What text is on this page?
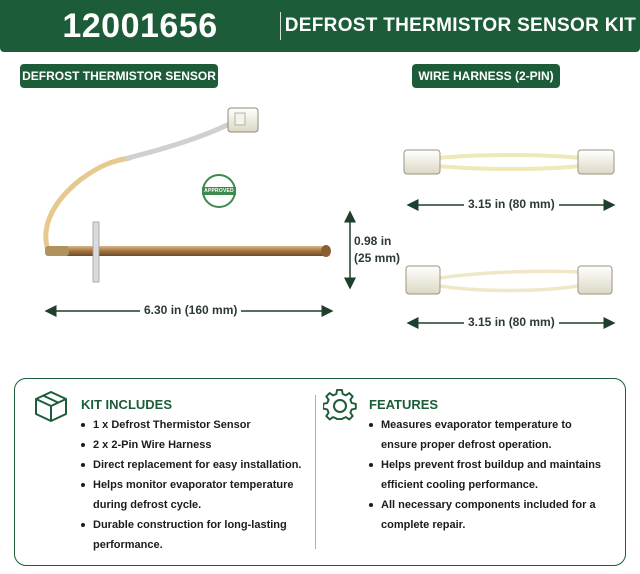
12001656	DEFROST THERMISTOR SENSOR KIT
DEFROST THERMISTOR SENSOR	WIRE HARNESS (2-PIN)
6.30 in (160 mm)
0.98 in
(25 mm)
3.15 in (80 mm)
3.15 in (80 mm)
APPROVED
KIT INCLUDES
1 x Defrost Thermistor Sensor
2 x 2-Pin Wire Harness
Direct replacement for easy installation.
Helps monitor evaporator temperature during defrost cycle.
Durable construction for long-lasting performance.
FEATURES
Measures evaporator temperature to ensure proper defrost operation.
Helps prevent frost buildup and maintains efficient cooling performance.
All necessary components included for a complete repair.
